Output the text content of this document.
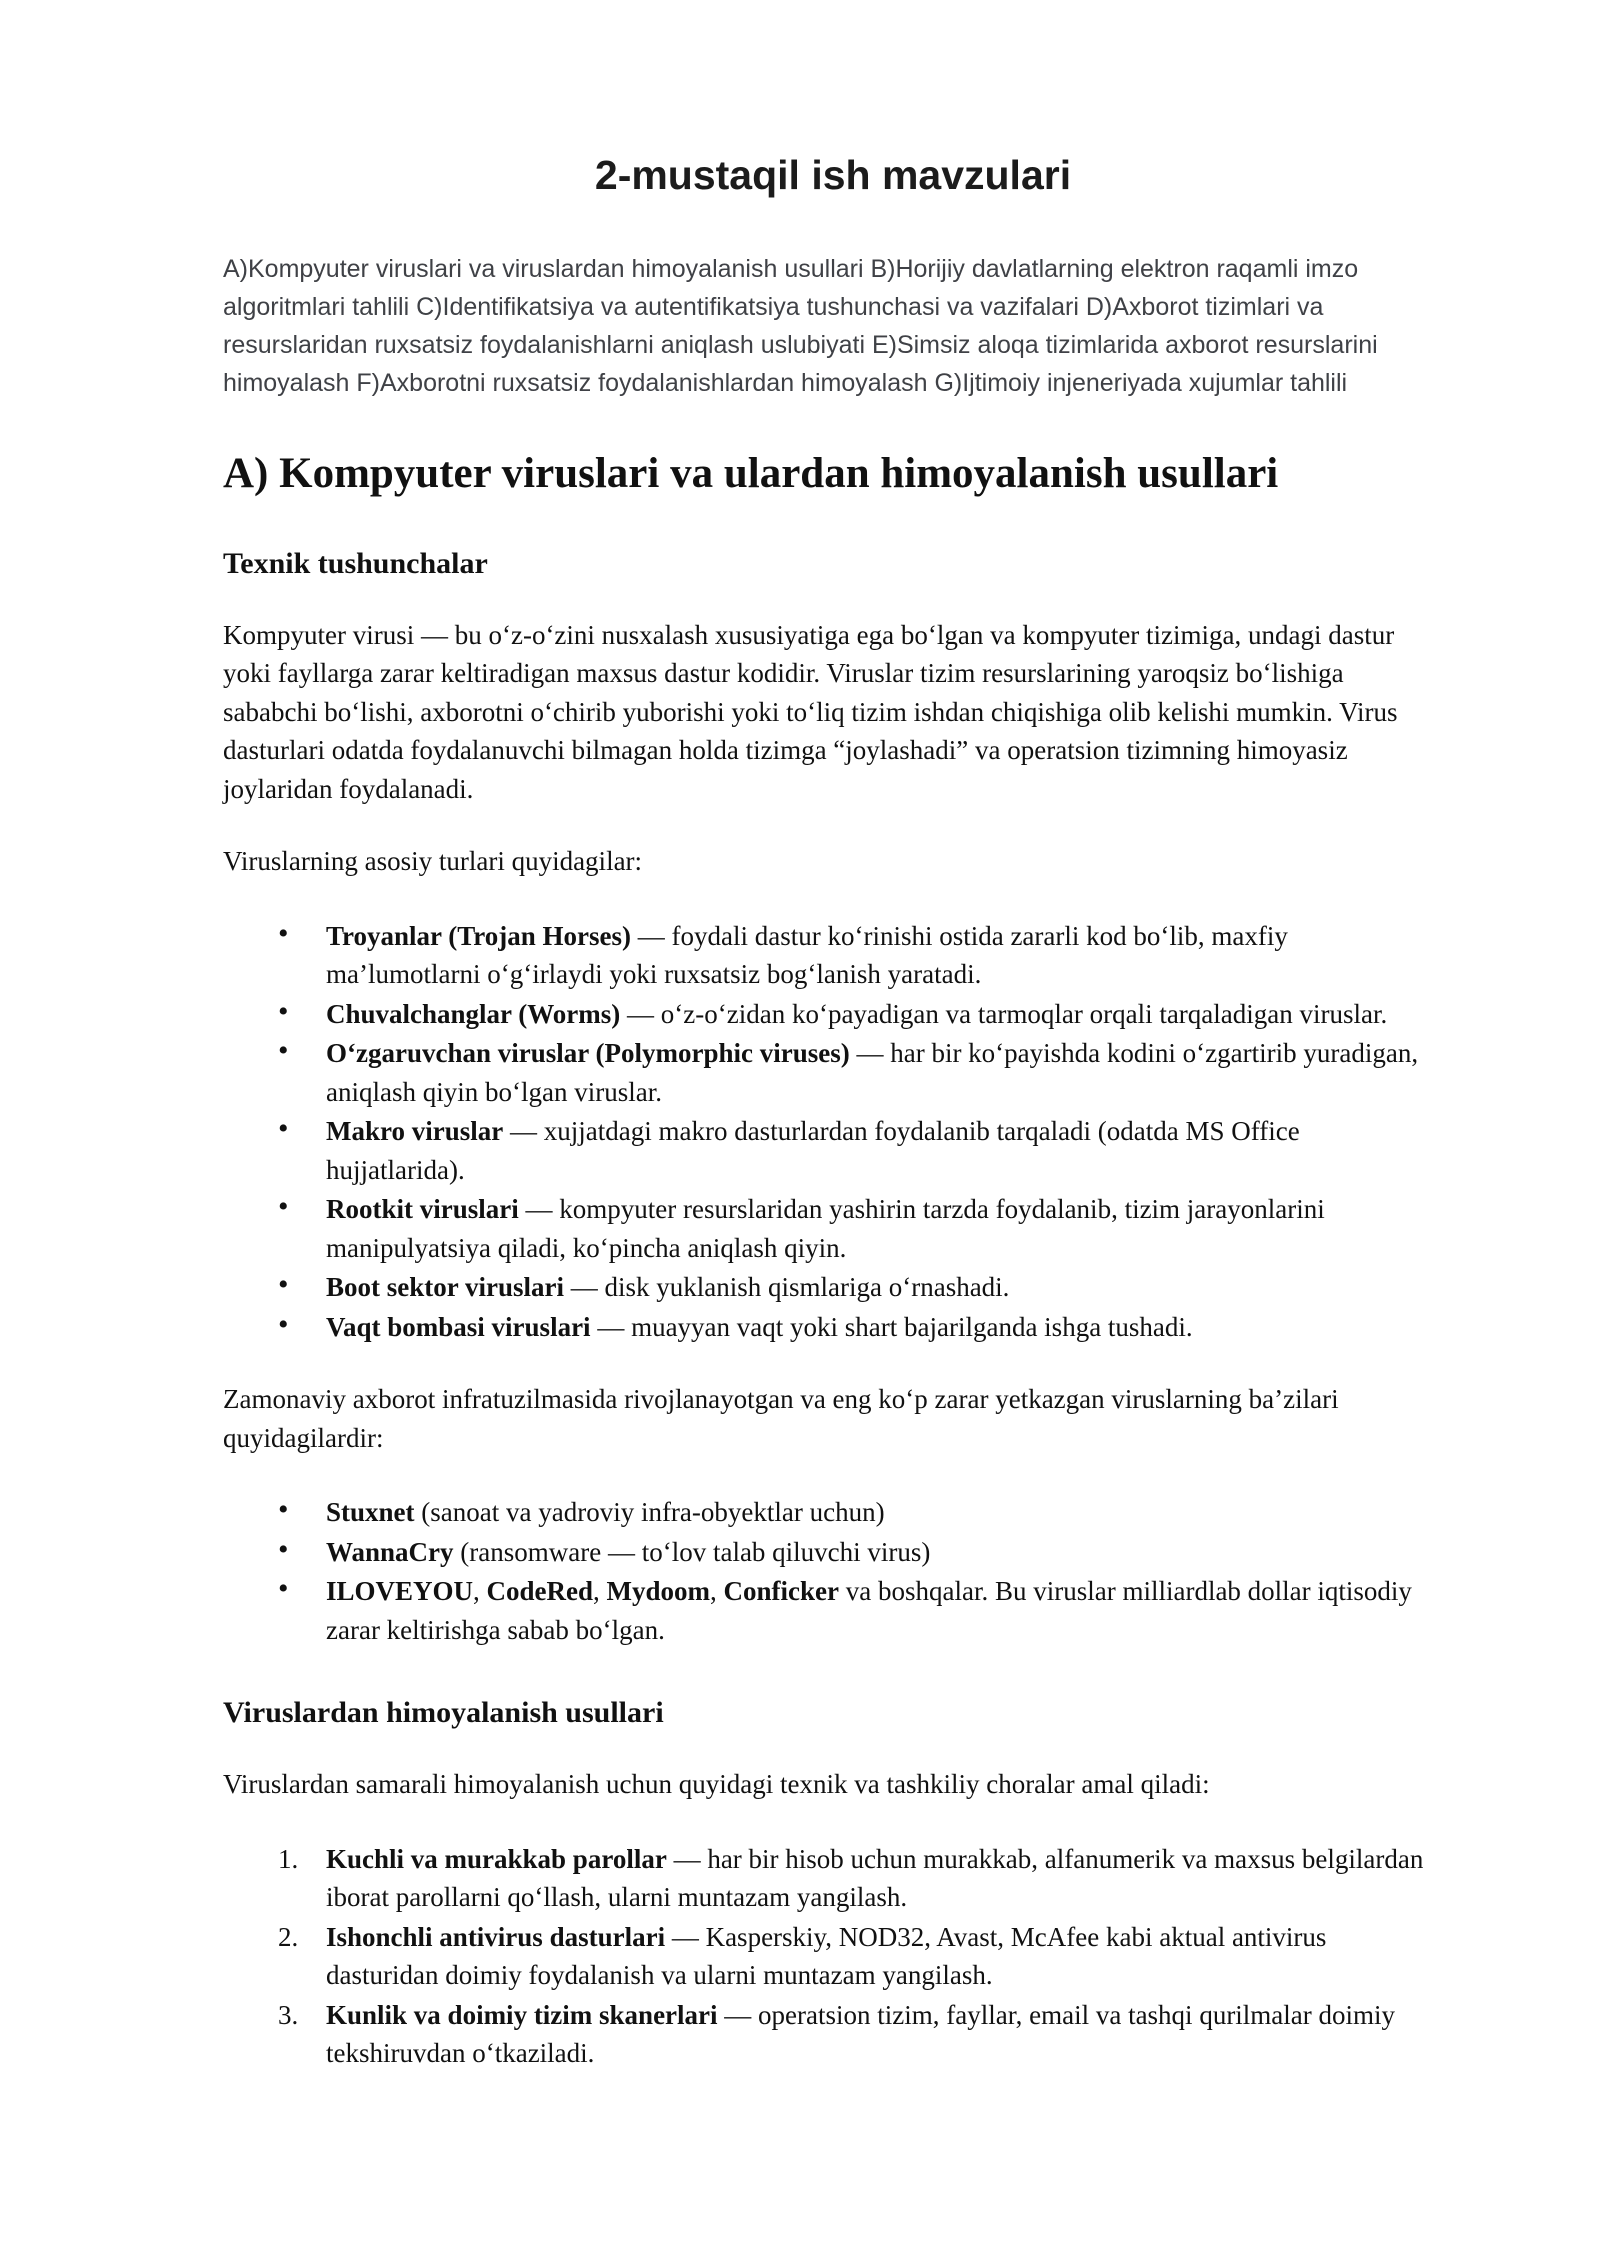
2-mustaqil ish mavzulari

A)Kompyuter viruslari va viruslardan himoyalanish usullari B)Horijiy davlatlarning elektron raqamli imzo algoritmlari tahlili C)Identifikatsiya va autentifikatsiya tushunchasi va vazifalari D)Axborot tizimlari va resurslaridan ruxsatsiz foydalanishlarni aniqlash uslubiyati E)Simsiz aloqa tizimlarida axborot resurslarini himoyalash F)Axborotni ruxsatsiz foydalanishlardan himoyalash G)Ijtimoiy injeneriyada xujumlar tahlili

A) Kompyuter viruslari va ulardan himoyalanish usullari
Texnik tushunchalar

Kompyuter virusi — bu o‘z-o‘zini nusxalash xususiyatiga ega bo‘lgan va kompyuter tizimiga, undagi dastur yoki fayllarga zarar keltiradigan maxsus dastur kodidir. Viruslar tizim resurslarining yaroqsiz bo‘lishiga sababchi bo‘lishi, axborotni o‘chirib yuborishi yoki to‘liq tizim ishdan chiqishiga olib kelishi mumkin. Virus dasturlari odatda foydalanuvchi bilmagan holda tizimga “joylashadi” va operatsion tizimning himoyasiz joylaridan foydalanadi.

Viruslarning asosiy turlari quyidagilar:

• Troyanlar (Trojan Horses) — foydali dastur ko‘rinishi ostida zararli kod bo‘lib, maxfiy ma’lumotlarni o‘g‘irlaydi yoki ruxsatsiz bog‘lanish yaratadi.
• Chuvalchanglar (Worms) — o‘z-o‘zidan ko‘payadigan va tarmoqlar orqali tarqaladigan viruslar.
• O‘zgaruvchan viruslar (Polymorphic viruses) — har bir ko‘payishda kodini o‘zgartirib yuradigan, aniqlash qiyin bo‘lgan viruslar.
• Makro viruslar — xujjatdagi makro dasturlardan foydalanib tarqaladi (odatda MS Office hujjatlarida).
• Rootkit viruslari — kompyuter resurslaridan yashirin tarzda foydalanib, tizim jarayonlarini manipulyatsiya qiladi, ko‘pincha aniqlash qiyin.
• Boot sektor viruslari — disk yuklanish qismlariga o‘rnashadi.
• Vaqt bombasi viruslari — muayyan vaqt yoki shart bajarilganda ishga tushadi.

Zamonaviy axborot infratuzilmasida rivojlanayotgan va eng ko‘p zarar yetkazgan viruslarning ba’zilari quyidagilardir:

• Stuxnet (sanoat va yadroviy infra-obyektlar uchun)
• WannaCry (ransomware — to‘lov talab qiluvchi virus)
• ILOVEYOU, CodeRed, Mydoom, Conficker va boshqalar. Bu viruslar milliardlab dollar iqtisodiy zarar keltirishga sabab bo‘lgan.
Viruslardan himoyalanish usullari

Viruslardan samarali himoyalanish uchun quyidagi texnik va tashkiliy choralar amal qiladi:

Kuchli va murakkab parollar — har bir hisob uchun murakkab, alfanumerik va maxsus belgilardan iborat parollarni qo‘llash, ularni muntazam yangilash.
Ishonchli antivirus dasturlari — Kasperskiy, NOD32, Avast, McAfee kabi aktual antivirus dasturidan doimiy foydalanish va ularni muntazam yangilash.
Kunlik va doimiy tizim skanerlari — operatsion tizim, fayllar, email va tashqi qurilmalar doimiy tekshiruvdan o‘tkaziladi.
